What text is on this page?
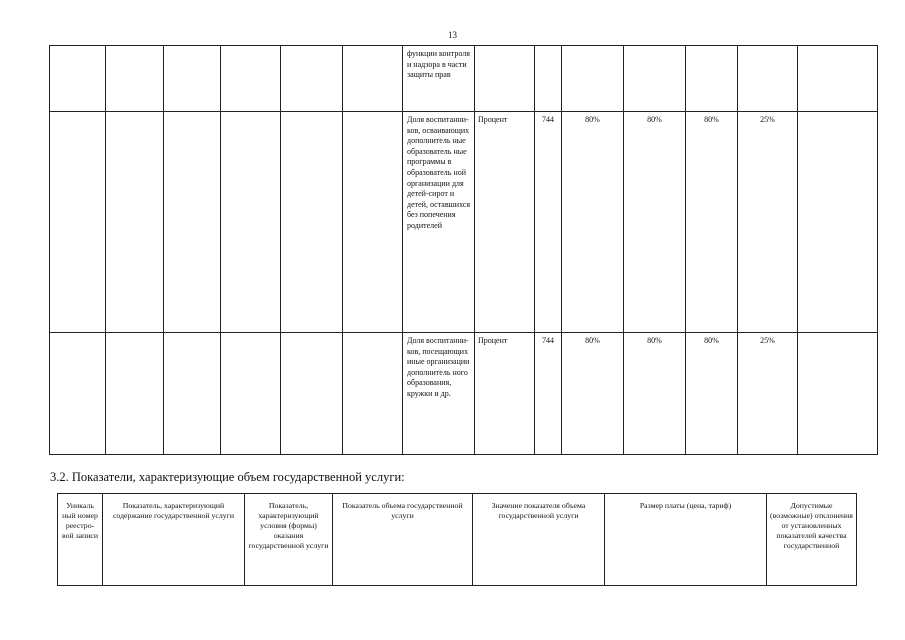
13
						функции контроля и надзора в части защиты прав							
						Доля воспитанни-ков, осваивающих дополнитель ные образователь ные программы в образователь ной организации для детей-сирот и детей, оставшихся без попечения родителей	Процент	744	80%	80%	80%	25%	
						Доля воспитанни-ков, посещающих иные организации дополнитель ного образования, кружки и др.	Процент	744	80%	80%	80%	25%	
3.2. Показатели, характеризующие объем государственной услуги:
Уникаль ный номер реестро-вой записи	Показатель, характеризующий содержание государственной услуги	Показатель, характеризующий условия (формы) оказания государственной услуги	Показатель объема государственной услуги	Значение показателя объема государственной услуги	Размер платы (цена, тариф)	Допустимые (возможные) отклонения от установленных показателей качества государственной
